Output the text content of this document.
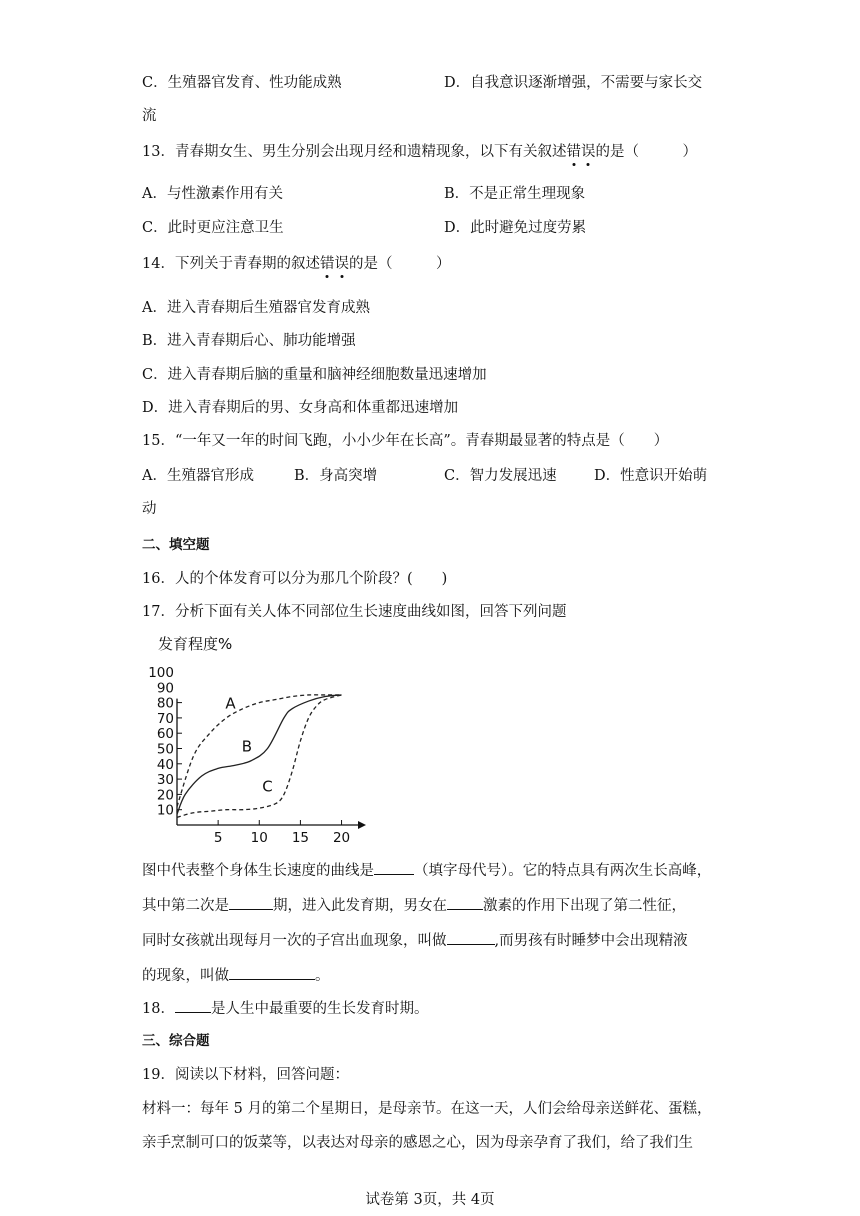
C．生殖器官发育、性功能成熟	D．自我意识逐渐增强，不需要与家长交
流
13．青春期女生、男生分别会出现月经和遗精现象，以下有关叙述错
误
的是（　　　）
A．与性激素作用有关	B．不是正常生理现象
C．此时更应注意卫生	D．此时避免过度劳累
14．下列关于青春期的叙述错
误
的是（　　　）
A．进入青春期后生殖器官发育成熟
B．进入青春期后心、肺功能增强
C．进入青春期后脑的重量和脑神经细胞数量迅速增加
D．进入青春期后的男、女身高和体重都迅速增加
15．“一年又一年的时间飞跑，小小少年在长高”。青春期最显著的特点是（　　）
A．生殖器官形成	B．身高突增	C．智力发展迅速	D．性意识开始萌
动
二、填空题
16．人的个体发育可以分为那几个阶段？(　　)
17．分析下面有关人体不同部位生长速度曲线如图，回答下列问题
发育程度%
10
20
30
40
50
60
70
80
90
100
5 10 15 20
A
B
C
图中代表整个身体生长速度的曲线是	（填字母代号）。它的特点具有两次生长高峰，
其中第二次是	期，进入此发育期，男女在 激素的作用下出现了第二性征，
同时女孩就出现每月一次的子宫出血现象，叫做	,而男孩有时睡梦中会出现精液
的现象，叫做	。
18． 是人生中最重要的生长发育时期。
三、综合题
19．阅读以下材料，回答问题：
材料一：每年 5 月的第二个星期日，是母亲节。在这一天，人们会给母亲送鲜花、蛋糕，
亲手烹制可口的饭菜等，以表达对母亲的感恩之心，因为母亲孕育了我们，给了我们生
试卷第 3页，共 4页
